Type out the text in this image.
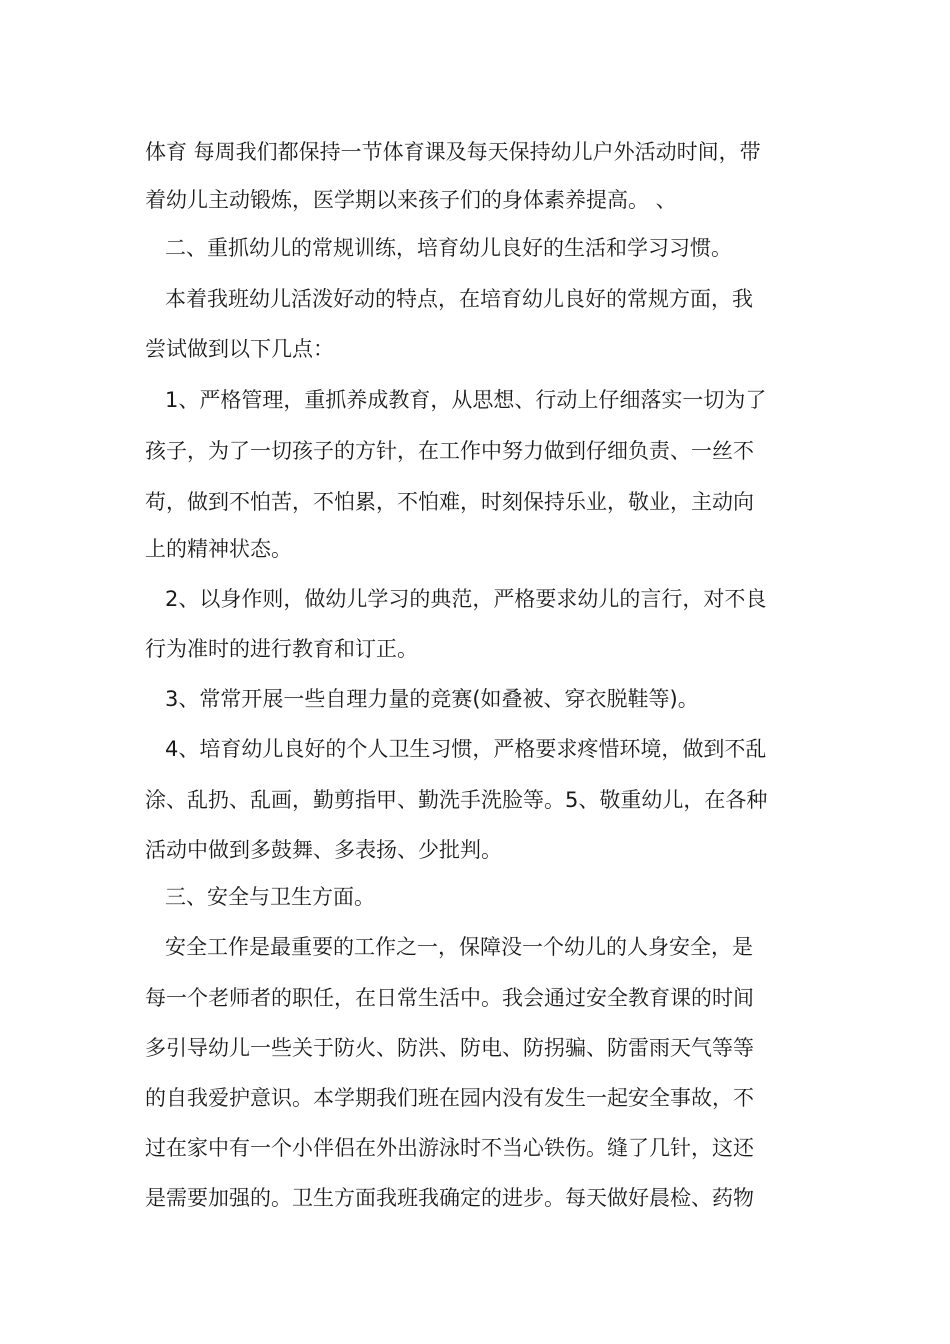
体育 每周我们都保持一节体育课及每天保持幼儿户外活动时间，带
着幼儿主动锻炼，医学期以来孩子们的身体素养提高。 、
二、重抓幼儿的常规训练，培育幼儿良好的生活和学习习惯。
本着我班幼儿活泼好动的特点，在培育幼儿良好的常规方面，我
尝试做到以下几点：
1、严格管理，重抓养成教育，从思想、行动上仔细落实一切为了
孩子，为了一切孩子的方针，在工作中努力做到仔细负责、一丝不
苟，做到不怕苦，不怕累，不怕难，时刻保持乐业，敬业，主动向
上的精神状态。
2、以身作则，做幼儿学习的典范，严格要求幼儿的言行，对不良
行为准时的进行教育和订正。
3、常常开展一些自理力量的竞赛(如叠被、穿衣脱鞋等)。
4、培育幼儿良好的个人卫生习惯，严格要求疼惜环境，做到不乱
涂、乱扔、乱画，勤剪指甲、勤洗手洗脸等。5、敬重幼儿，在各种
活动中做到多鼓舞、多表扬、少批判。
三、安全与卫生方面。
安全工作是最重要的工作之一，保障没一个幼儿的人身安全，是
每一个老师者的职任，在日常生活中。我会通过安全教育课的时间
多引导幼儿一些关于防火、防洪、防电、防拐骗、防雷雨天气等等
的自我爱护意识。本学期我们班在园内没有发生一起安全事故，不
过在家中有一个小伴侣在外出游泳时不当心铁伤。缝了几针，这还
是需要加强的。卫生方面我班我确定的进步。每天做好晨检、药物
